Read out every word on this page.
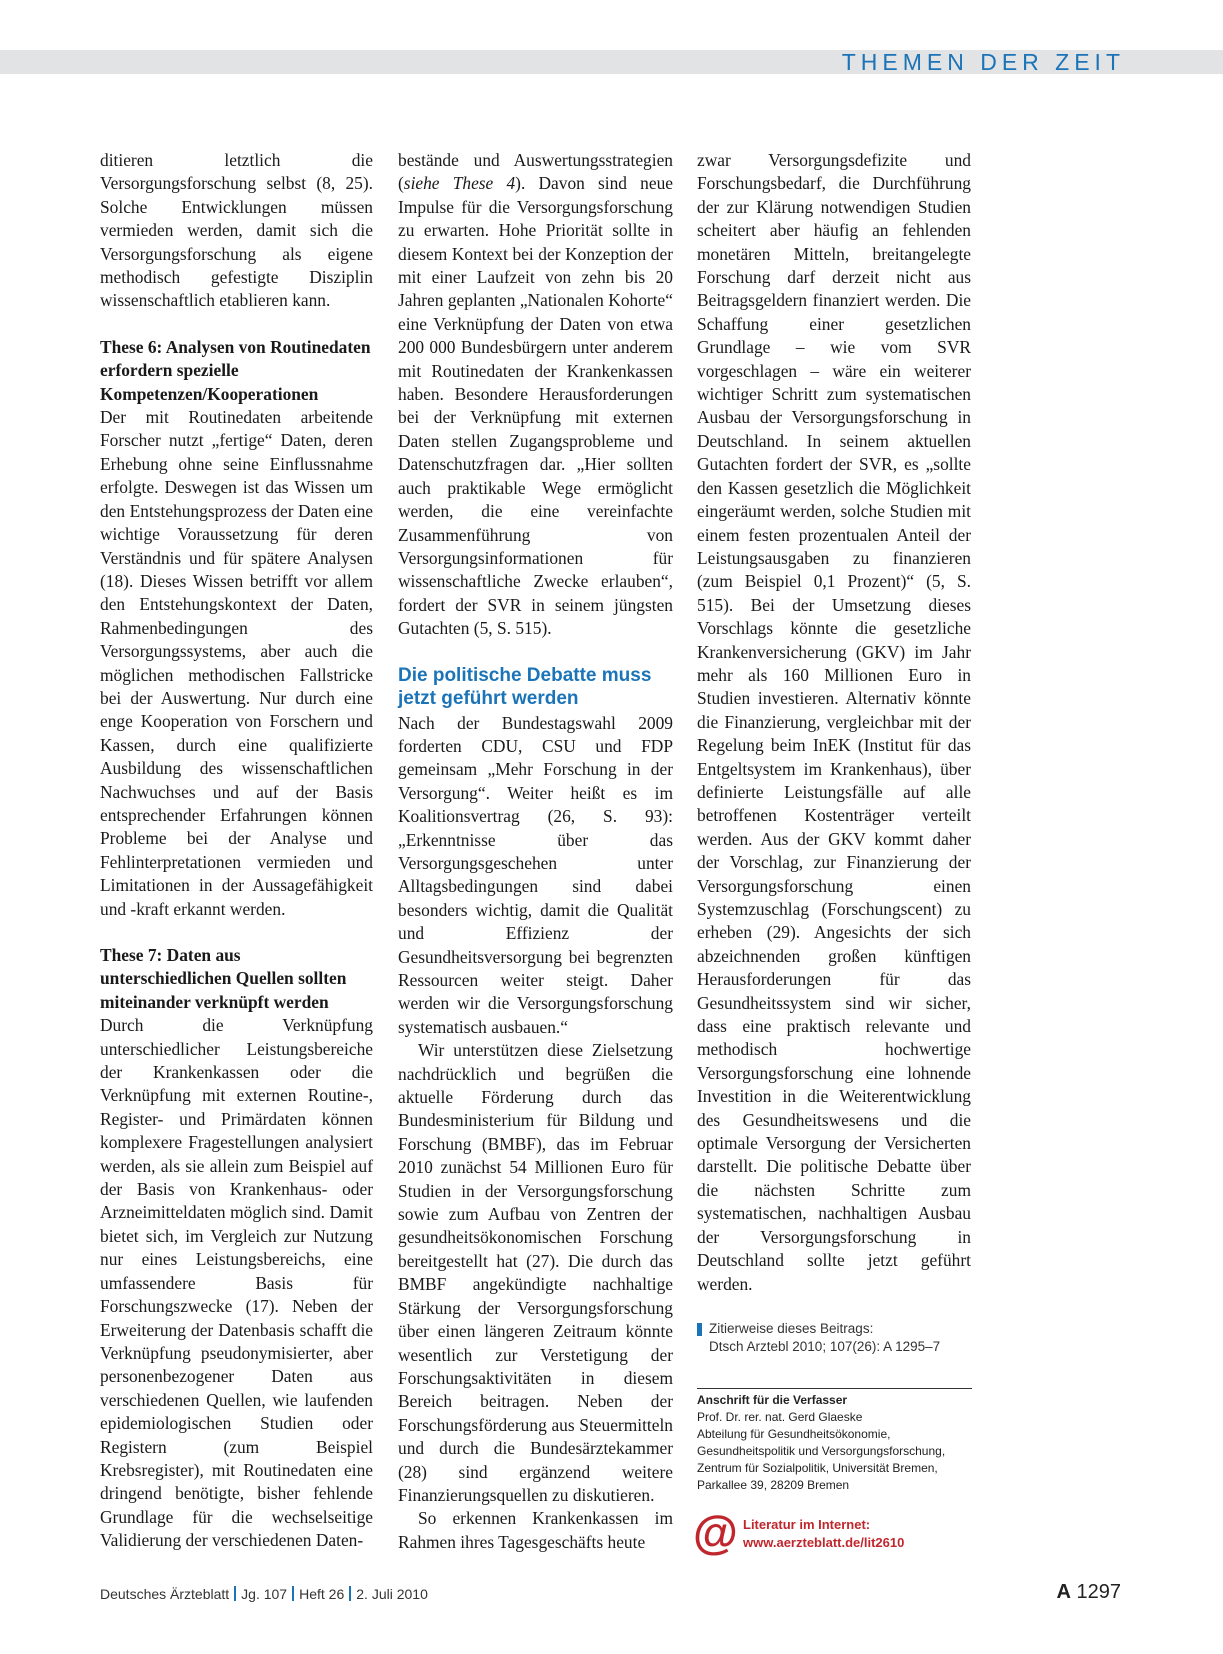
THEMEN DER ZEIT

ditieren letztlich die Versorgungsforschung selbst (8, 25). Solche Entwicklungen müssen vermieden werden, damit sich die Versorgungsforschung als eigene methodisch gefestigte Disziplin wissenschaftlich etablieren kann.

These 6: Analysen von Routinedaten erfordern spezielle Kompetenzen/Kooperationen

Der mit Routinedaten arbeitende Forscher nutzt „fertige“ Daten, deren Erhebung ohne seine Einflussnahme erfolgte. Deswegen ist das Wissen um den Entstehungsprozess der Daten eine wichtige Voraussetzung für deren Verständnis und für spätere Analysen (18). Dieses Wissen betrifft vor allem den Entstehungskontext der Daten, Rahmenbedingungen des Versorgungssystems, aber auch die möglichen methodischen Fallstricke bei der Auswertung. Nur durch eine enge Kooperation von Forschern und Kassen, durch eine qualifizierte Ausbildung des wissenschaftlichen Nachwuchses und auf der Basis entsprechender Erfahrungen können Probleme bei der Analyse und Fehlinterpretationen vermieden und Limitationen in der Aussagefähigkeit und -kraft erkannt werden.

These 7: Daten aus unterschiedlichen Quellen sollten miteinander verknüpft werden

Durch die Verknüpfung unterschiedlicher Leistungsbereiche der Krankenkassen oder die Verknüpfung mit externen Routine-, Register- und Primärdaten können komplexere Fragestellungen analysiert werden, als sie allein zum Beispiel auf der Basis von Krankenhaus- oder Arzneimitteldaten möglich sind. Damit bietet sich, im Vergleich zur Nutzung nur eines Leistungsbereichs, eine umfassendere Basis für Forschungszwecke (17). Neben der Erweiterung der Datenbasis schafft die Verknüpfung pseudonymisierter, aber personenbezogener Daten aus verschiedenen Quellen, wie laufenden epidemiologischen Studien oder Registern (zum Beispiel Krebsregister), mit Routinedaten eine dringend benötigte, bisher fehlende Grundlage für die wechselseitige Validierung der verschiedenen Daten-

bestände und Auswertungsstrategien (siehe These 4). Davon sind neue Impulse für die Versorgungsforschung zu erwarten. Hohe Priorität sollte in diesem Kontext bei der Konzeption der mit einer Laufzeit von zehn bis 20 Jahren geplanten „Nationalen Kohorte“ eine Verknüpfung der Daten von etwa 200 000 Bundesbürgern unter anderem mit Routinedaten der Krankenkassen haben. Besondere Herausforderungen bei der Verknüpfung mit externen Daten stellen Zugangsprobleme und Datenschutzfragen dar. „Hier sollten auch praktikable Wege ermöglicht werden, die eine vereinfachte Zusammenführung von Versorgungsinformationen für wissenschaftliche Zwecke erlauben“, fordert der SVR in seinem jüngsten Gutachten (5, S. 515).

Die politische Debatte muss jetzt geführt werden

Nach der Bundestagswahl 2009 forderten CDU, CSU und FDP gemeinsam „Mehr Forschung in der Versorgung“. Weiter heißt es im Koalitionsvertrag (26, S. 93): „Erkenntnisse über das Versorgungsgeschehen unter Alltagsbedingungen sind dabei besonders wichtig, damit die Qualität und Effizienz der Gesundheitsversorgung bei begrenzten Ressourcen weiter steigt. Daher werden wir die Versorgungsforschung systematisch ausbauen.“

Wir unterstützen diese Zielsetzung nachdrücklich und begrüßen die aktuelle Förderung durch das Bundesministerium für Bildung und Forschung (BMBF), das im Februar 2010 zunächst 54 Millionen Euro für Studien in der Versorgungsforschung sowie zum Aufbau von Zentren der gesundheitsökonomischen Forschung bereitgestellt hat (27). Die durch das BMBF angekündigte nachhaltige Stärkung der Versorgungsforschung über einen längeren Zeitraum könnte wesentlich zur Verstetigung der Forschungsaktivitäten in diesem Bereich beitragen. Neben der Forschungsförderung aus Steuermitteln und durch die Bundesärztekammer (28) sind ergänzend weitere Finanzierungsquellen zu diskutieren.

So erkennen Krankenkassen im Rahmen ihres Tagesgeschäfts heute

zwar Versorgungsdefizite und Forschungsbedarf, die Durchführung der zur Klärung notwendigen Studien scheitert aber häufig an fehlenden monetären Mitteln, breitangelegte Forschung darf derzeit nicht aus Beitragsgeldern finanziert werden. Die Schaffung einer gesetzlichen Grundlage – wie vom SVR vorgeschlagen – wäre ein weiterer wichtiger Schritt zum systematischen Ausbau der Versorgungsforschung in Deutschland. In seinem aktuellen Gutachten fordert der SVR, es „sollte den Kassen gesetzlich die Möglichkeit eingeräumt werden, solche Studien mit einem festen prozentualen Anteil der Leistungsausgaben zu finanzieren (zum Beispiel 0,1 Prozent)“ (5, S. 515). Bei der Umsetzung dieses Vorschlags könnte die gesetzliche Krankenversicherung (GKV) im Jahr mehr als 160 Millionen Euro in Studien investieren. Alternativ könnte die Finanzierung, vergleichbar mit der Regelung beim InEK (Institut für das Entgeltsystem im Krankenhaus), über definierte Leistungsfälle auf alle betroffenen Kostenträger verteilt werden. Aus der GKV kommt daher der Vorschlag, zur Finanzierung der Versorgungsforschung einen Systemzuschlag (Forschungscent) zu erheben (29). Angesichts der sich abzeichnenden großen künftigen Herausforderungen für das Gesundheitssystem sind wir sicher, dass eine praktisch relevante und methodisch hochwertige Versorgungsforschung eine lohnende Investition in die Weiterentwicklung des Gesundheitswesens und die optimale Versorgung der Versicherten darstellt. Die politische Debatte über die nächsten Schritte zum systematischen, nachhaltigen Ausbau der Versorgungsforschung in Deutschland sollte jetzt geführt werden.

Zitierweise dieses Beitrags:
Dtsch Arztebl 2010; 107(26): A 1295–7
Anschrift für die Verfasser
Prof. Dr. rer. nat. Gerd Glaeske
Abteilung für Gesundheitsökonomie,
Gesundheitspolitik und Versorgungsforschung,
Zentrum für Sozialpolitik, Universität Bremen,
Parkallee 39, 28209 Bremen
@ Literatur im Internet:
www.aerzteblatt.de/lit2610
Deutsches Ärzteblatt Jg. 107 Heft 26 2. Juli 2010	A 1297
